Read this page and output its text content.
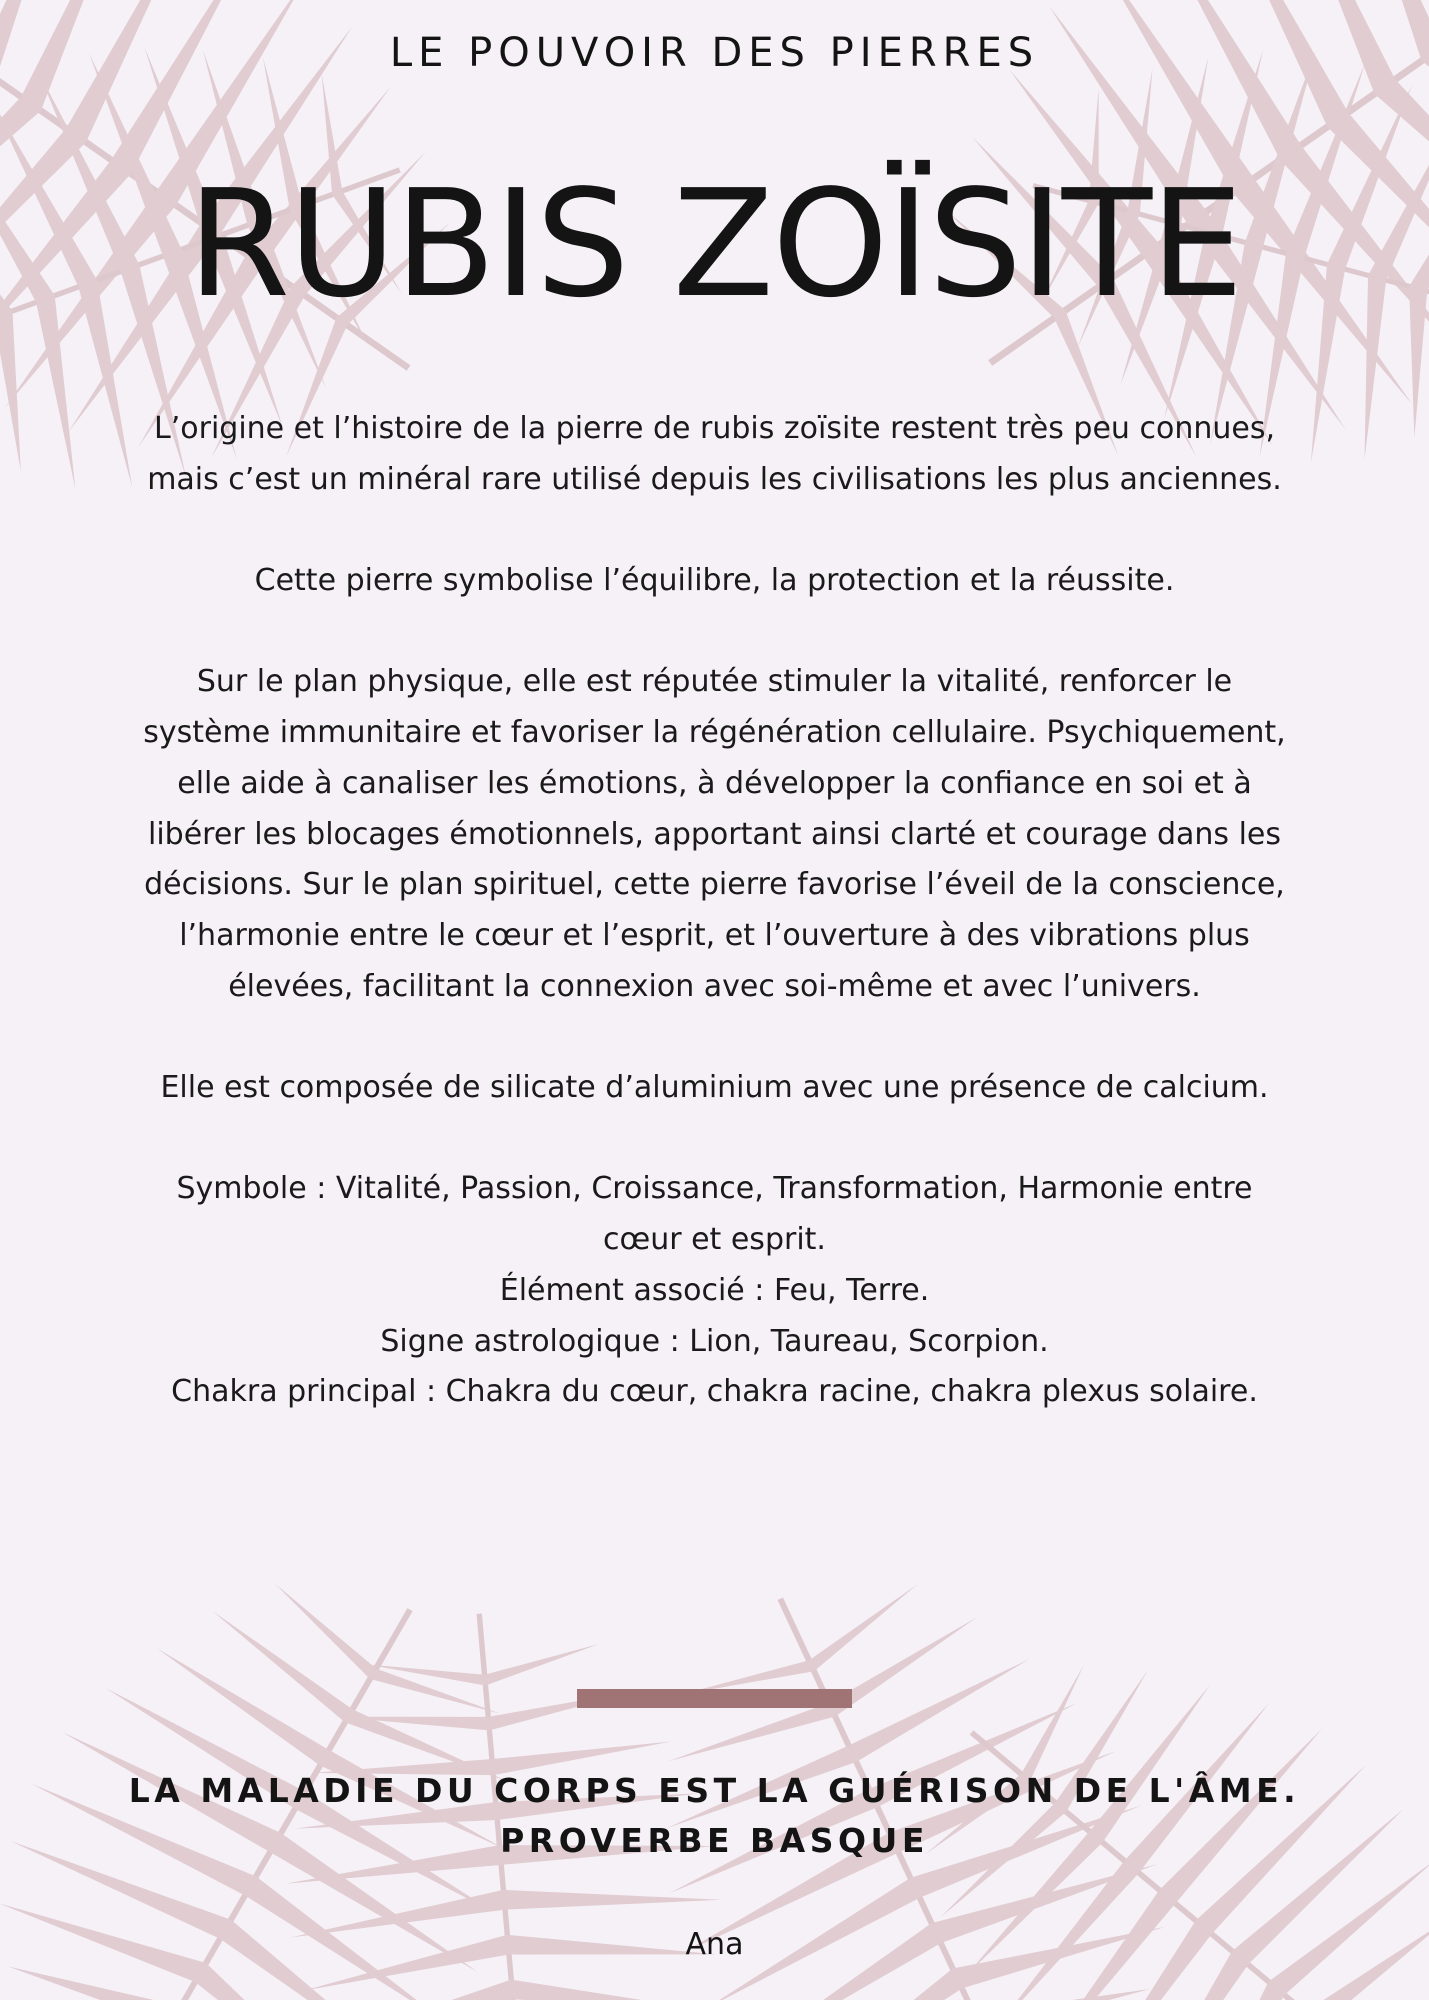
LE POUVOIR DES PIERRES
RUBIS ZOÏSITE

L’origine et l’histoire de la pierre de rubis zoïsite restent très peu connues, mais c’est un minéral rare utilisé depuis les civilisations les plus anciennes.

Cette pierre symbolise l’équilibre, la protection et la réussite.

Sur le plan physique, elle est réputée stimuler la vitalité, renforcer le système immunitaire et favoriser la régénération cellulaire. Psychiquement, elle aide à canaliser les émotions, à développer la confiance en soi et à libérer les blocages émotionnels, apportant ainsi clarté et courage dans les décisions. Sur le plan spirituel, cette pierre favorise l’éveil de la conscience, l’harmonie entre le cœur et l’esprit, et l’ouverture à des vibrations plus élevées, facilitant la connexion avec soi-même et avec l’univers.

Elle est composée de silicate d’aluminium avec une présence de calcium.

Symbole : Vitalité, Passion, Croissance, Transformation, Harmonie entre cœur et esprit.

Élément associé : Feu, Terre.

Signe astrologique : Lion, Taureau, Scorpion.

Chakra principal : Chakra du cœur, chakra racine, chakra plexus solaire.

LA MALADIE DU CORPS EST LA GUÉRISON DE L'ÂME.

PROVERBE BASQUE

Ana
